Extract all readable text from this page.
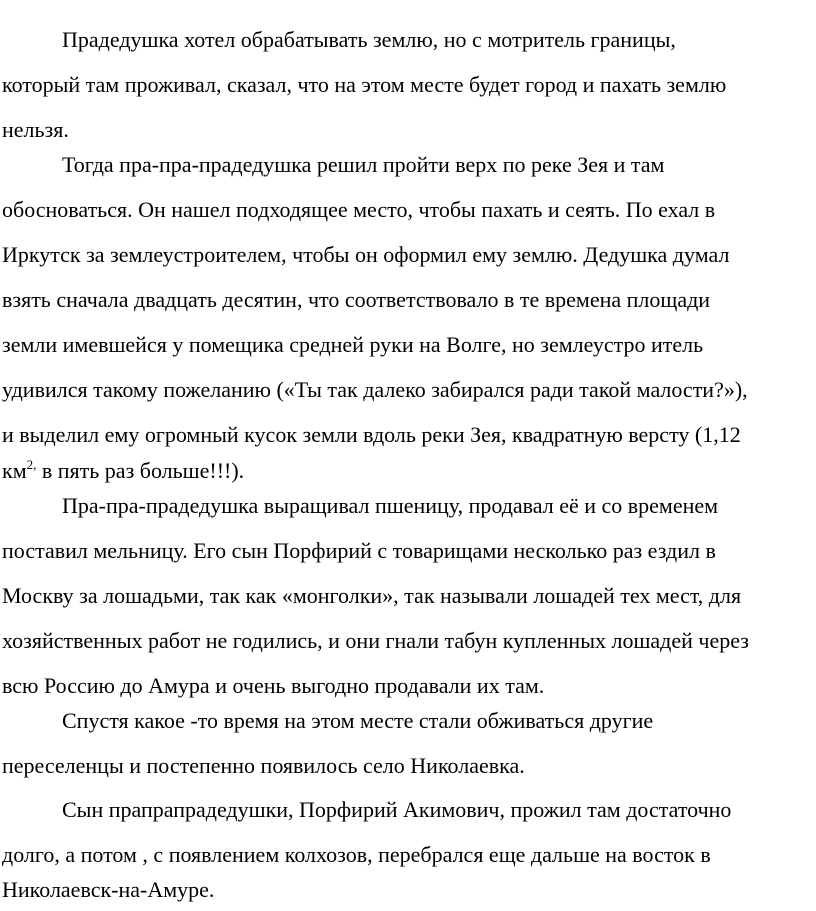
Прадедушка хотел обрабатывать землю, но с мотритель границы,
который там проживал, сказал, что на этом месте будет город и пахать землю
нельзя.
Тогда пра-пра-прадедушка решил пройти верх по реке Зея и там
обосноваться. Он нашел подходящее место, чтобы пахать и сеять. По ехал в
Иркутск за землеустроителем, чтобы он оформил ему землю. Дедушка думал
взять сначала двадцать десятин, что соответствовало в те времена площади
земли имевшейся у помещика средней руки на Волге, но землеустро итель
удивился такому пожеланию («Ты так далеко забирался ради такой малости?»),
и выделил ему огромный кусок земли вдоль реки Зея, квадратную версту (1,12
$км^{2,}$ в пять раз больше!!!).
Пра-пра-прадедушка выращивал пшеницу, продавал её и со временем
поставил мельницу. Его сын Порфирий с товарищами несколько раз ездил в
Москву за лошадьми, так как «монголки», так называли лошадей тех мест, для
хозяйственных работ не годились, и они гнали табун купленных лошадей через
всю Россию до Амура и очень выгодно продавали их там.
Спустя какое -то время на этом месте стали обживаться другие
переселенцы и постепенно появилось село Николаевка.
Сын прапрапрадедушки, Порфирий Акимович, прожил там достаточно
долго, а потом , с появлением колхозов, перебрался еще дальше на восток в
Николаевск-на-Амуре.
